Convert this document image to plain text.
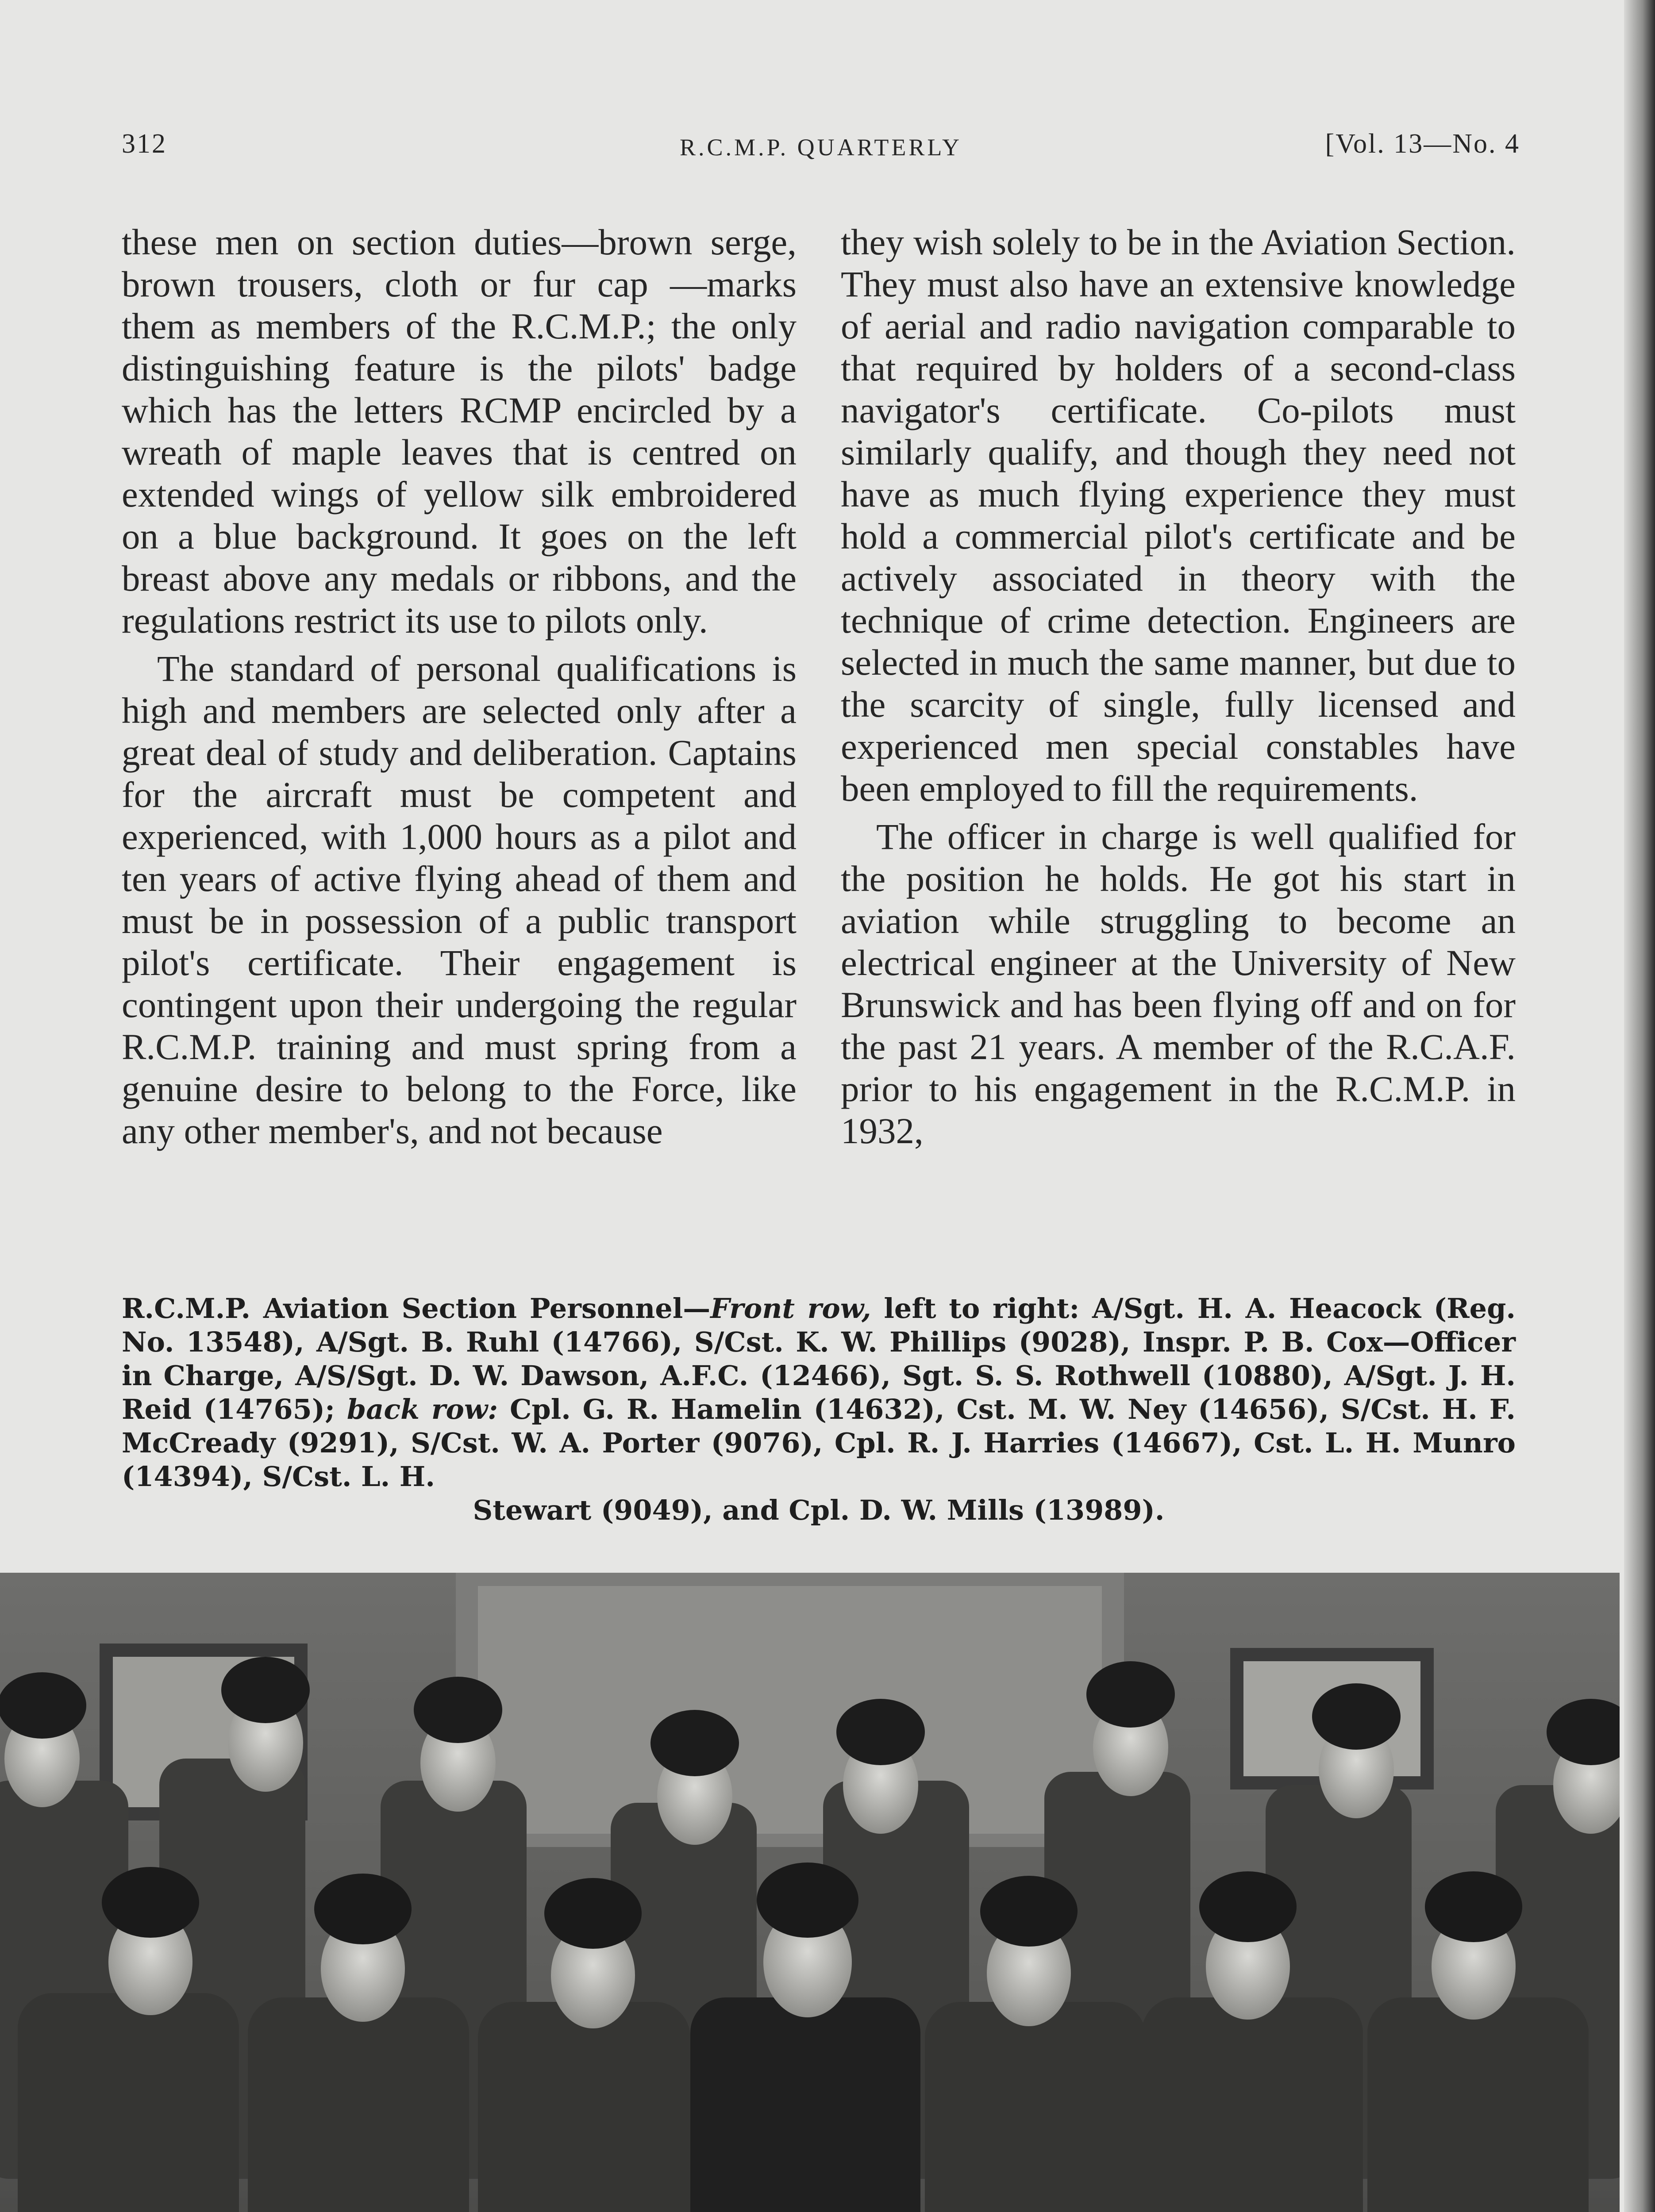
312	R.C.M.P. QUARTERLY	[Vol. 13—No. 4

these men on section duties—brown serge, brown trousers, cloth or fur cap —marks them as members of the R.C.M.P.; the only distinguishing feature is the pilots' badge which has the letters RCMP encircled by a wreath of maple leaves that is centred on extended wings of yellow silk embroidered on a blue background. It goes on the left breast above any medals or ribbons, and the regulations restrict its use to pilots only.

The standard of personal qualifications is high and members are selected only after a great deal of study and deliberation. Captains for the aircraft must be competent and experienced, with 1,000 hours as a pilot and ten years of active flying ahead of them and must be in possession of a public transport pilot's certificate. Their engagement is contingent upon their undergoing the regular R.C.M.P. training and must spring from a genuine desire to belong to the Force, like any other member's, and not because

they wish solely to be in the Aviation Section. They must also have an extensive knowledge of aerial and radio navigation comparable to that required by holders of a second-class navigator's certificate. Co-pilots must similarly qualify, and though they need not have as much flying experience they must hold a commercial pilot's certificate and be actively associated in theory with the technique of crime detection. Engineers are selected in much the same manner, but due to the scarcity of single, fully licensed and experienced men special constables have been employed to fill the requirements.

The officer in charge is well qualified for the position he holds. He got his start in aviation while struggling to become an electrical engineer at the University of New Brunswick and has been flying off and on for the past 21 years. A member of the R.C.A.F. prior to his engagement in the R.C.M.P. in 1932,

R.C.M.P. Aviation Section Personnel—Front row, left to right: A/Sgt. H. A. Heacock (Reg. No. 13548), A/Sgt. B. Ruhl (14766), S/Cst. K. W. Phillips (9028), Inspr. P. B. Cox—Officer in Charge, A/S/Sgt. D. W. Dawson, A.F.C. (12466), Sgt. S. S. Rothwell (10880), A/Sgt. J. H. Reid (14765); back row: Cpl. G. R. Hamelin (14632), Cst. M. W. Ney (14656), S/Cst. H. F. McCready (9291), S/Cst. W. A. Porter (9076), Cpl. R. J. Harries (14667), Cst. L. H. Munro (14394), S/Cst. L. H.
Stewart (9049), and Cpl. D. W. Mills (13989).
